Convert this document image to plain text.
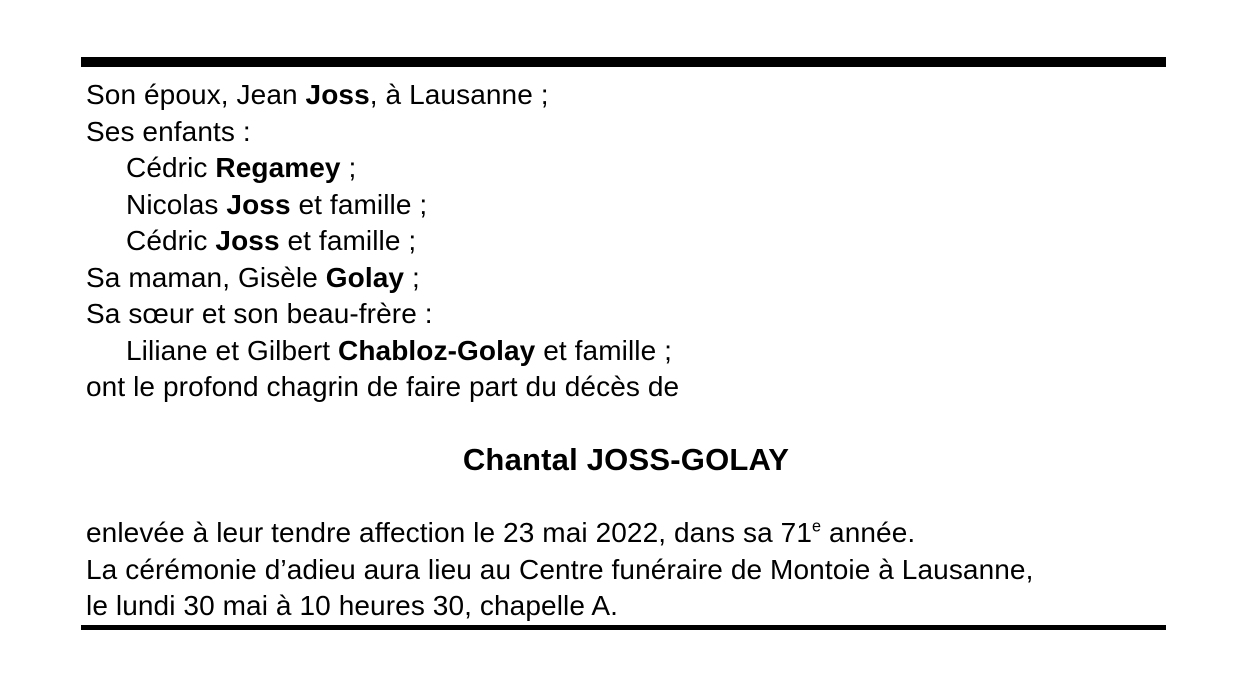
Son époux, Jean Joss, à Lausanne ;
Ses enfants :
Cédric Regamey ;
Nicolas Joss et famille ;
Cédric Joss et famille ;
Sa maman, Gisèle Golay ;
Sa sœur et son beau-frère :
Liliane et Gilbert Chabloz-Golay et famille ;
ont le profond chagrin de faire part du décès de
Chantal JOSS-GOLAY
enlevée à leur tendre affection le 23 mai 2022, dans sa 71e année.
La cérémonie d’adieu aura lieu au Centre funéraire de Montoie à Lausanne,
le lundi 30 mai à 10 heures 30, chapelle A.
